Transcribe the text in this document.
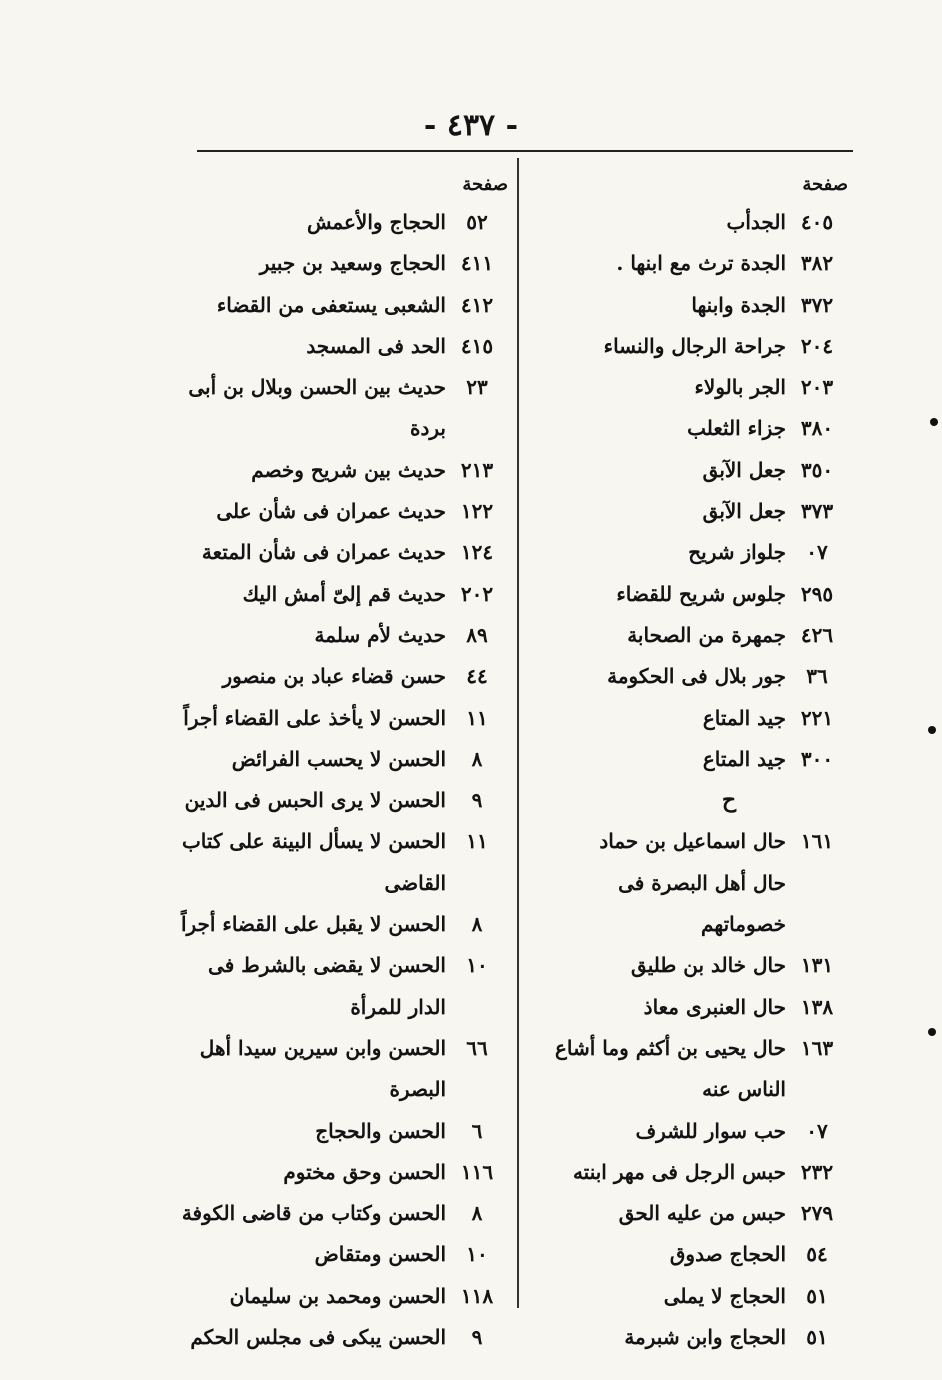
- ٤٣٧ -
صفحة
٤٠٥
الجدأب
٣٨٢
الجدة ترث مع ابنها .
٣٧٢
الجدة وابنها
٢٠٤
جراحة الرجال والنساء
٢٠٣
الجر بالولاء
٣٨٠
جزاء الثعلب
٣٥٠
جعل الآبق
٣٧٣
جعل الآبق
٠٧
جلواز شريح
٢٩٥
جلوس شريح للقضاء
٤٢٦
جمهرة من الصحابة
٣٦
جور بلال فى الحكومة
٢٢١
جيد المتاع
٣٠٠
جيد المتاع
ح
١٦١
حال اسماعيل بن حماد
حال أهل البصرة فى خصوماتهم
١٣١
حال خالد بن طليق
١٣٨
حال العنبرى معاذ
١٦٣
حال يحيى بن أكثم وما أشاع الناس عنه
٠٧
حب سوار للشرف
٢٣٢
حبس الرجل فى مهر ابنته
٢٧٩
حبس من عليه الحق
٥٤
الحجاج صدوق
٥١
الحجاج لا يملى
٥١
الحجاج وابن شبرمة
صفحة
٥٢
الحجاج والأعمش
٤١١
الحجاج وسعيد بن جبير
٤١٢
الشعبى يستعفى من القضاء
٤١٥
الحد فى المسجد
٢٣
حديث بين الحسن وبلال بن أبى بردة
٢١٣
حديث بين شريح وخصم
١٢٢
حديث عمران فى شأن على
١٢٤
حديث عمران فى شأن المتعة
٢٠٢
حديث قم إلىّ أمش اليك
٨٩
حديث لأم سلمة
٤٤
حسن قضاء عباد بن منصور
١١
الحسن لا يأخذ على القضاء أجراً
٨
الحسن لا يحسب الفرائض
٩
الحسن لا يرى الحبس فى الدين
١١
الحسن لا يسأل البينة على كتاب القاضى
٨
الحسن لا يقبل على القضاء أجراً
١٠
الحسن لا يقضى بالشرط فى الدار للمرأة
٦٦
الحسن وابن سيرين سيدا أهل البصرة
٦
الحسن والحجاج
١١٦
الحسن وحق مختوم
٨
الحسن وكتاب من قاضى الكوفة
١٠
الحسن ومتقاض
١١٨
الحسن ومحمد بن سليمان
٩
الحسن يبكى فى مجلس الحكم
